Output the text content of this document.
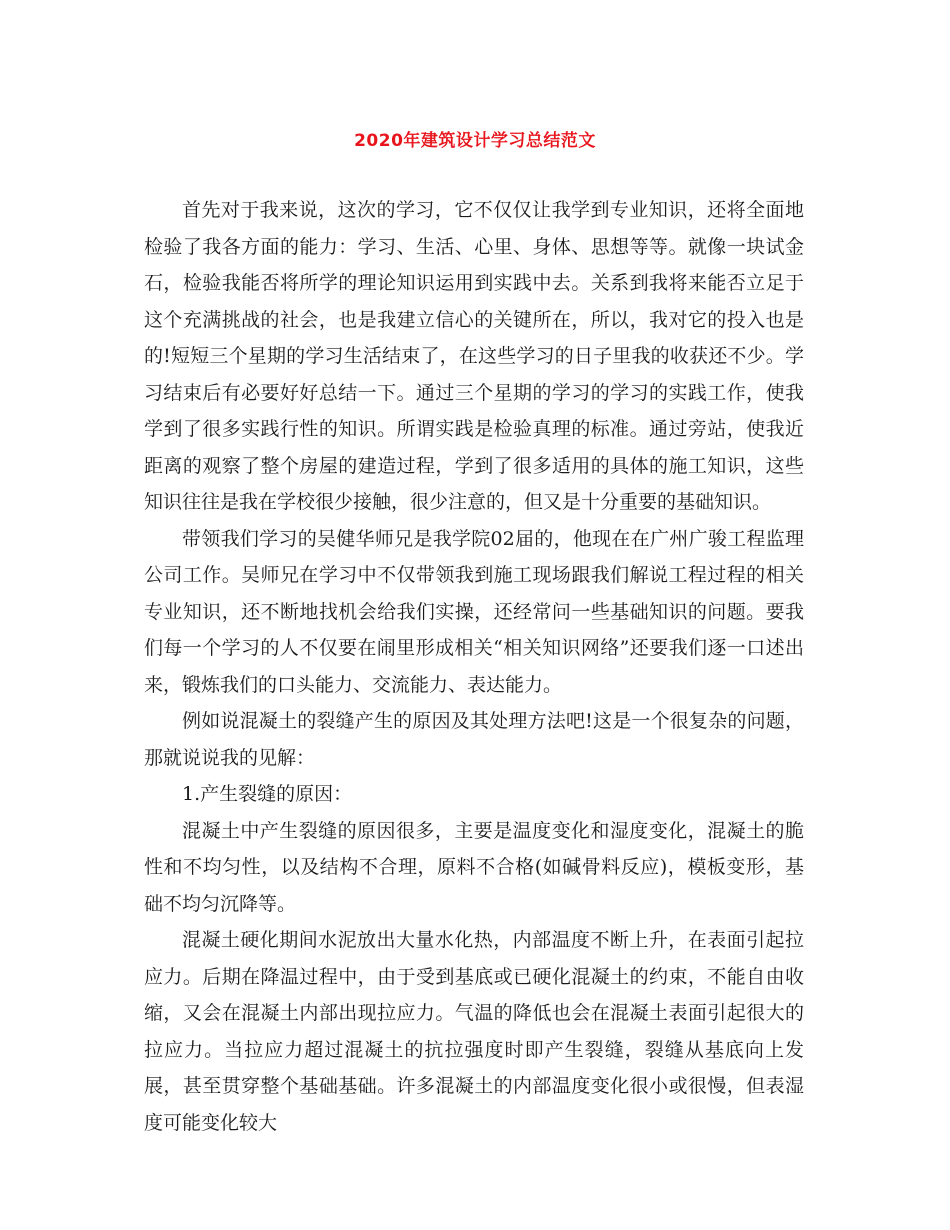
2020年建筑设计学习总结范文

首先对于我来说，这次的学习，它不仅仅让我学到专业知识，还将全面地检验了我各方面的能力：学习、生活、心里、身体、思想等等。就像一块试金石，检验我能否将所学的理论知识运用到实践中去。关系到我将来能否立足于这个充满挑战的社会，也是我建立信心的关键所在，所以，我对它的投入也是的!短短三个星期的学习生活结束了，在这些学习的日子里我的收获还不少。学习结束后有必要好好总结一下。通过三个星期的学习的学习的实践工作，使我学到了很多实践行性的知识。所谓实践是检验真理的标准。通过旁站，使我近距离的观察了整个房屋的建造过程，学到了很多适用的具体的施工知识，这些知识往往是我在学校很少接触，很少注意的，但又是十分重要的基础知识。

带领我们学习的吴健华师兄是我学院02届的，他现在在广州广骏工程监理公司工作。吴师兄在学习中不仅带领我到施工现场跟我们解说工程过程的相关专业知识，还不断地找机会给我们实操，还经常问一些基础知识的问题。要我们每一个学习的人不仅要在闹里形成相关“相关知识网络”还要我们逐一口述出来，锻炼我们的口头能力、交流能力、表达能力。

例如说混凝土的裂缝产生的原因及其处理方法吧!这是一个很复杂的问题，那就说说我的见解：

1.产生裂缝的原因：

混凝土中产生裂缝的原因很多，主要是温度变化和湿度变化，混凝土的脆性和不均匀性，以及结构不合理，原料不合格(如碱骨料反应)，模板变形，基础不均匀沉降等。

混凝土硬化期间水泥放出大量水化热，内部温度不断上升，在表面引起拉应力。后期在降温过程中，由于受到基底或已硬化混凝土的约束，不能自由收缩，又会在混凝土内部出现拉应力。气温的降低也会在混凝土表面引起很大的拉应力。当拉应力超过混凝土的抗拉强度时即产生裂缝，裂缝从基底向上发展，甚至贯穿整个基础基础。许多混凝土的内部温度变化很小或很慢，但表湿度可能变化较大
